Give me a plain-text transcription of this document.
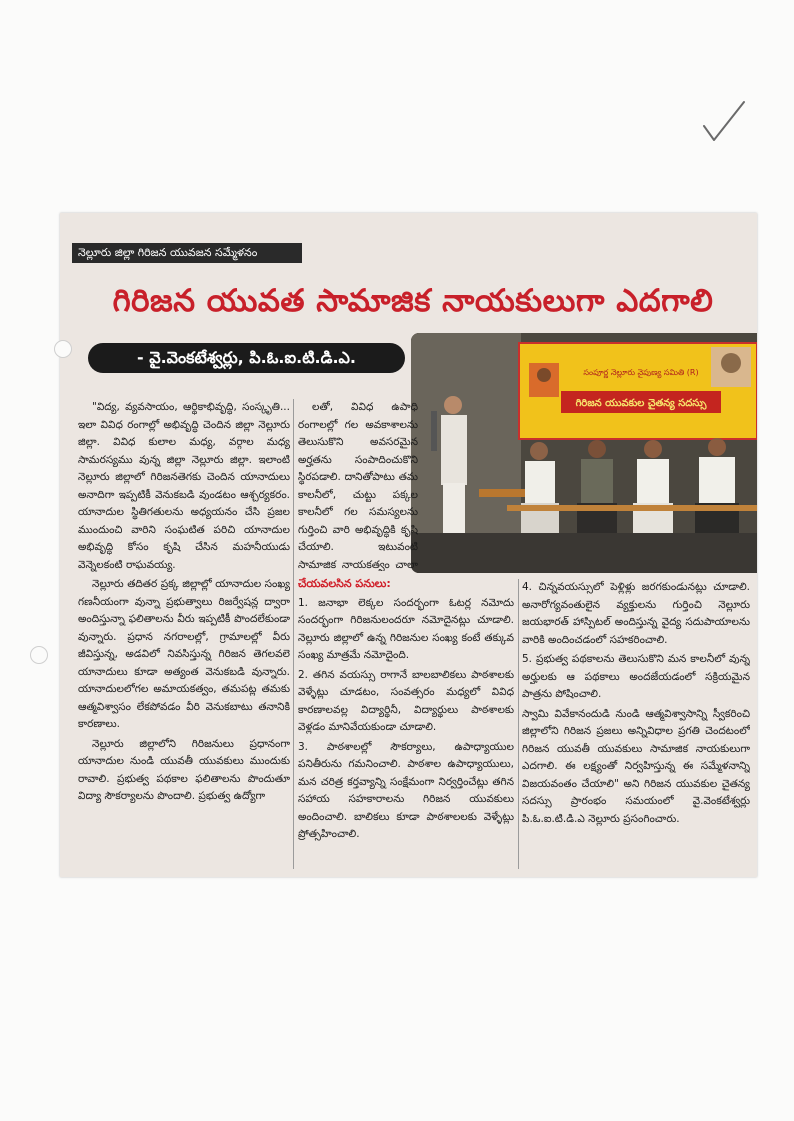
నెల్లూరు జిల్లా గిరిజన యువజన సమ్మేళనం
గిరిజన యువత సామాజిక నాయకులుగా ఎదగాలి
- వై.వెంకటేశ్వర్లు, పి.ఓ.ఐ.టి.డి.ఎ.
సంపూర్ణ నెల్లూరు నైపుణ్య సమితి (R)
గిరిజన యువకుల చైతన్య సదస్సు

"విద్య, వ్యవసాయం, ఆర్థికాభివృద్ధి, సంస్కృతి... ఇలా వివిధ రంగాల్లో అభివృద్ధి చెందిన జిల్లా నెల్లూరు జిల్లా. వివిధ కులాల మధ్య, వర్గాల మధ్య సామరస్యము వున్న జిల్లా నెల్లూరు జిల్లా. ఇలాంటి నెల్లూరు జిల్లాలో గిరిజనతెగకు చెందిన యానాదులు అనాదిగా ఇప్పటికీ వెనుకబడి వుండటం ఆశ్చర్యకరం. యానాదుల స్థితిగతులను అధ్యయనం చేసి ప్రజల ముందుంచి వారిని సంఘటిత పరిచి యానాదుల అభివృద్ధి కోసం కృషి చేసిన మహనీయుడు వెన్నెలకంటి రాఘవయ్య.

నెల్లూరు తదితర ప్రక్క జిల్లాల్లో యానాదుల సంఖ్య గణనీయంగా వున్నా ప్రభుత్వాలు రిజర్వేషన్ల ద్వారా అందిస్తున్నా ఫలితాలను వీరు ఇప్పటికీ పొందలేకుండా వున్నారు. ప్రధాన నగరాలల్లో, గ్రామాలల్లో వీరు జీవిస్తున్న, అడవిలో నివసిస్తున్న గిరిజన తెగలవలె యానాదులు కూడా అత్యంత వెనుకబడి వున్నారు. యానాదులలోగల అమాయకత్వం, తమపట్ల తమకు ఆత్మవిశ్వాసం లేకపోవడం వీరి వెనుకబాటు తనానికి కారణాలు.

నెల్లూరు జిల్లాలోని గిరిజనులు ప్రధానంగా యానాదుల నుండి యువతీ యువకులు ముందుకు రావాలి. ప్రభుత్వ పథకాల ఫలితాలను పొందుతూ విద్యా సౌకర్యాలను పొందాలి. ప్రభుత్వ ఉద్యోగా

లతో, వివిధ ఉపాధి రంగాలల్లో గల అవకాశాలను తెలుసుకొని అవసరమైన అర్హతను సంపాదించుకొని స్థిరపడాలి. దానితోపాటు తమ కాలనీలో, చుట్టు పక్కల కాలనీలో గల సమస్యలను గుర్తించి వారి అభివృద్ధికి కృషి చేయాలి. ఇటువంటి సామాజిక నాయకత్వం చాలా

చేయవలసిన పనులు:
1. జనాభా లెక్కల సందర్భంగా ఓటర్ల నమోదు సందర్భంగా గిరిజనులందరూ నమోదైనట్లు చూడాలి. నెల్లూరు జిల్లాలో ఉన్న గిరిజనుల సంఖ్య కంటే తక్కువ సంఖ్య మాత్రమే నమోదైంది.
2. తగిన వయస్సు రాగానే బాలబాలికలు పాఠశాలకు వెళ్ళేట్లు చూడటం, సంవత్సరం మధ్యలో వివిధ కారణాలవల్ల విద్యార్థినీ, విద్యార్థులు పాఠశాలకు వెళ్లడం మానివేయకుండా చూడాలి.
3. పాఠశాలల్లో సౌకర్యాలు, ఉపాధ్యాయుల పనితీరును గమనించాలి. పాఠశాల ఉపాధ్యాయులు, మన చరిత్ర కర్తవ్యాన్ని సంక్షేమంగా నిర్వర్తించేట్లు తగిన సహాయ సహకారాలను గిరిజన యువకులు అందించాలి. బాలికలు కూడా పాఠశాలలకు వెళ్ళేట్లు ప్రోత్సహించాలి.
4. చిన్నవయస్సులో పెళ్లిళ్లు జరగకుండునట్లు చూడాలి. అనారోగ్యవంతులైన వ్యక్తులను గుర్తించి నెల్లూరు జయభారత్ హాస్పిటల్ అందిస్తున్న వైద్య సదుపాయాలను వారికి అందించడంలో సహకరించాలి.
5. ప్రభుత్వ పథకాలను తెలుసుకొని మన కాలనీలో వున్న అర్హులకు ఆ పథకాలు అందజేయడంలో సక్రియమైన పాత్రను పోషించాలి.
స్వామి వివేకానందుడి నుండి ఆత్మవిశ్వాసాన్ని స్వీకరించి జిల్లాలోని గిరిజన ప్రజలు అన్నివిధాల ప్రగతి చెందటంలో గిరిజన యువతీ యువకులు సామాజిక నాయకులుగా ఎదగాలి. ఈ లక్ష్యంతో నిర్వహిస్తున్న ఈ సమ్మేళనాన్ని విజయవంతం చేయాలి" అని గిరిజన యువకుల చైతన్య సదస్సు ప్రారంభం సమయంలో వై.వెంకటేశ్వర్లు పి.ఓ.ఐ.టి.డి.ఎ నెల్లూరు ప్రసంగించారు.
